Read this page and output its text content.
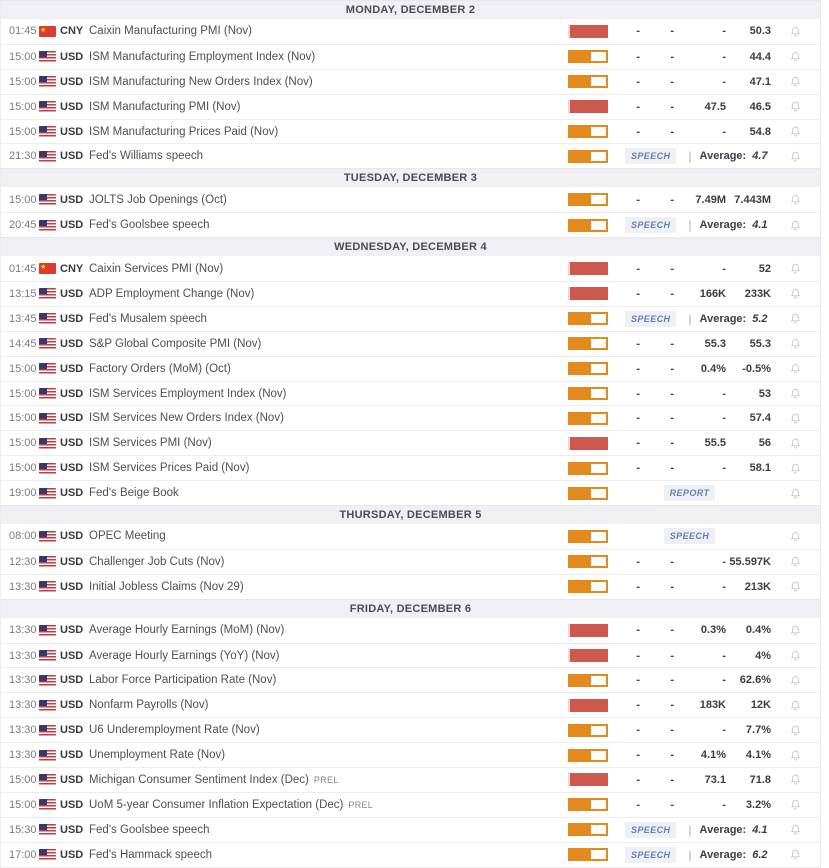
MONDAY, DECEMBER 2
01:45 ★ CNY Caixin Manufacturing PMI (Nov)	-	-	-	50.3
15:00 USD ISM Manufacturing Employment Index (Nov)	-	-	-	44.4
15:00 USD ISM Manufacturing New Orders Index (Nov)	-	-	-	47.1
15:00 USD ISM Manufacturing PMI (Nov)	-	-	47.5	46.5
15:00 USD ISM Manufacturing Prices Paid (Nov)	-	-	-	54.8
21:30 USD Fed's Williams speech	SPEECH	| Average: 4.7
TUESDAY, DECEMBER 3
15:00 USD JOLTS Job Openings (Oct)	-	-	7.49M 7.443M
20:45 USD Fed's Goolsbee speech	SPEECH	| Average: 4.1
WEDNESDAY, DECEMBER 4
01:45 ★ CNY Caixin Services PMI (Nov)	-	-	-	52
13:15 USD ADP Employment Change (Nov)	-	-	166K	233K
13:45 USD Fed's Musalem speech	SPEECH	| Average: 5.2
14:45 USD S&P Global Composite PMI (Nov)	-	-	55.3	55.3
15:00 USD Factory Orders (MoM) (Oct)	-	-	0.4%	-0.5%
15:00 USD ISM Services Employment Index (Nov)	-	-	-	53
15:00 USD ISM Services New Orders Index (Nov)	-	-	-	57.4
15:00 USD ISM Services PMI (Nov)	-	-	55.5	56
15:00 USD ISM Services Prices Paid (Nov)	-	-	-	58.1
19:00 USD Fed's Beige Book	REPORT
THURSDAY, DECEMBER 5
08:00 USD OPEC Meeting	SPEECH
12:30 USD Challenger Job Cuts (Nov)	-	-	- 55.597K
13:30 USD Initial Jobless Claims (Nov 29)	-	-	-	213K
FRIDAY, DECEMBER 6
13:30 USD Average Hourly Earnings (MoM) (Nov)	-	-	0.3%	0.4%
13:30 USD Average Hourly Earnings (YoY) (Nov)	-	-	-	4%
13:30 USD Labor Force Participation Rate (Nov)	-	-	-	62.6%
13:30 USD Nonfarm Payrolls (Nov)	-	-	183K	12K
13:30 USD U6 Underemployment Rate (Nov)	-	-	-	7.7%
13:30 USD Unemployment Rate (Nov)	-	-	4.1%	4.1%
15:00 USD Michigan Consumer Sentiment Index (Dec) PREL	-	-	73.1	71.8
15:00 USD UoM 5-year Consumer Inflation Expectation (Dec) PREL	-	-	-	3.2%
15:30 USD Fed's Goolsbee speech	SPEECH	| Average: 4.1
17:00 USD Fed's Hammack speech	SPEECH	| Average: 6.2
